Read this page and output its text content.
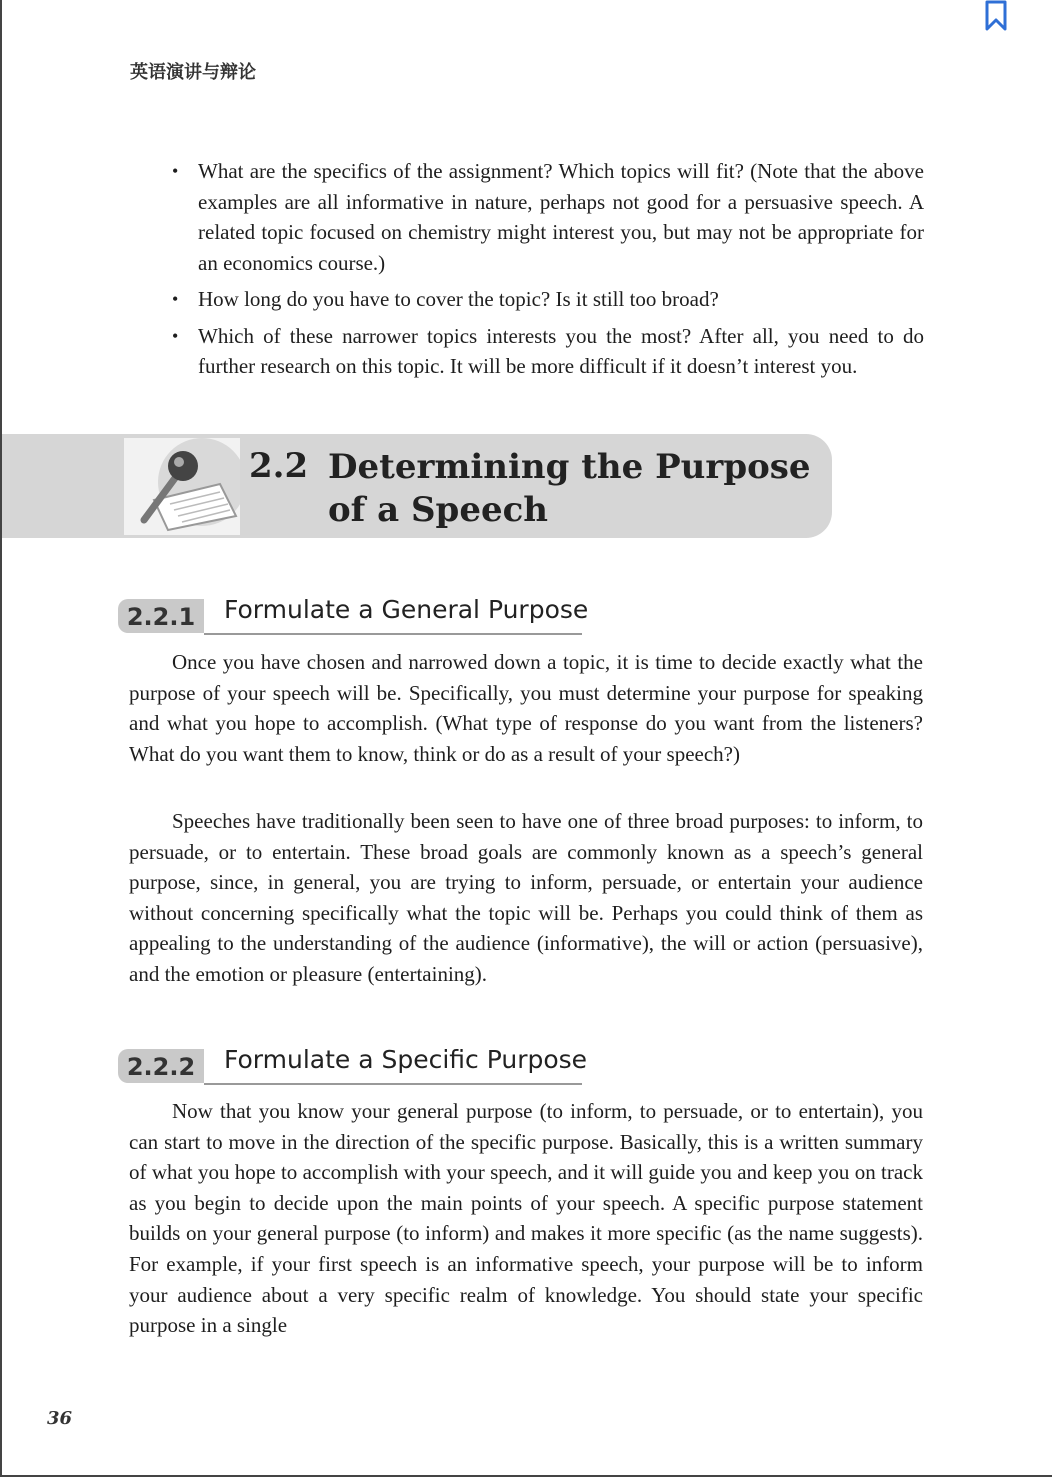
英语演讲与辩论
• What are the specifics of the assignment? Which topics will fit? (Note that the above examples are all informative in nature, perhaps not good for a persuasive speech. A related topic focused on chemistry might interest you, but may not be appropriate for an economics course.)
• How long do you have to cover the topic? Is it still too broad?
• Which of these narrower topics interests you the most? After all, you need to do further research on this topic. It will be more difficult if it doesn’t interest you.
2.2 Determining the Purpose of a Speech
2.2.1	Formulate a General Purpose

Once you have chosen and narrowed down a topic, it is time to decide exactly what the purpose of your speech will be. Specifically, you must determine your purpose for speaking and what you hope to accomplish. (What type of response do you want from the listeners? What do you want them to know, think or do as a result of your speech?)

Speeches have traditionally been seen to have one of three broad purposes: to inform, to persuade, or to entertain. These broad goals are commonly known as a speech’s general purpose, since, in general, you are trying to inform, persuade, or entertain your audience without concerning specifically what the topic will be. Perhaps you could think of them as appealing to the understanding of the audience (informative), the will or action (persuasive), and the emotion or pleasure (entertaining).

2.2.2	Formulate a Specific Purpose

Now that you know your general purpose (to inform, to persuade, or to entertain), you can start to move in the direction of the specific purpose. Basically, this is a written summary of what you hope to accomplish with your speech, and it will guide you and keep you on track as you begin to decide upon the main points of your speech. A specific purpose statement builds on your general purpose (to inform) and makes it more specific (as the name suggests). For example, if your first speech is an informative speech, your purpose will be to inform your audience about a very specific realm of knowledge. You should state your specific purpose in a single

36
